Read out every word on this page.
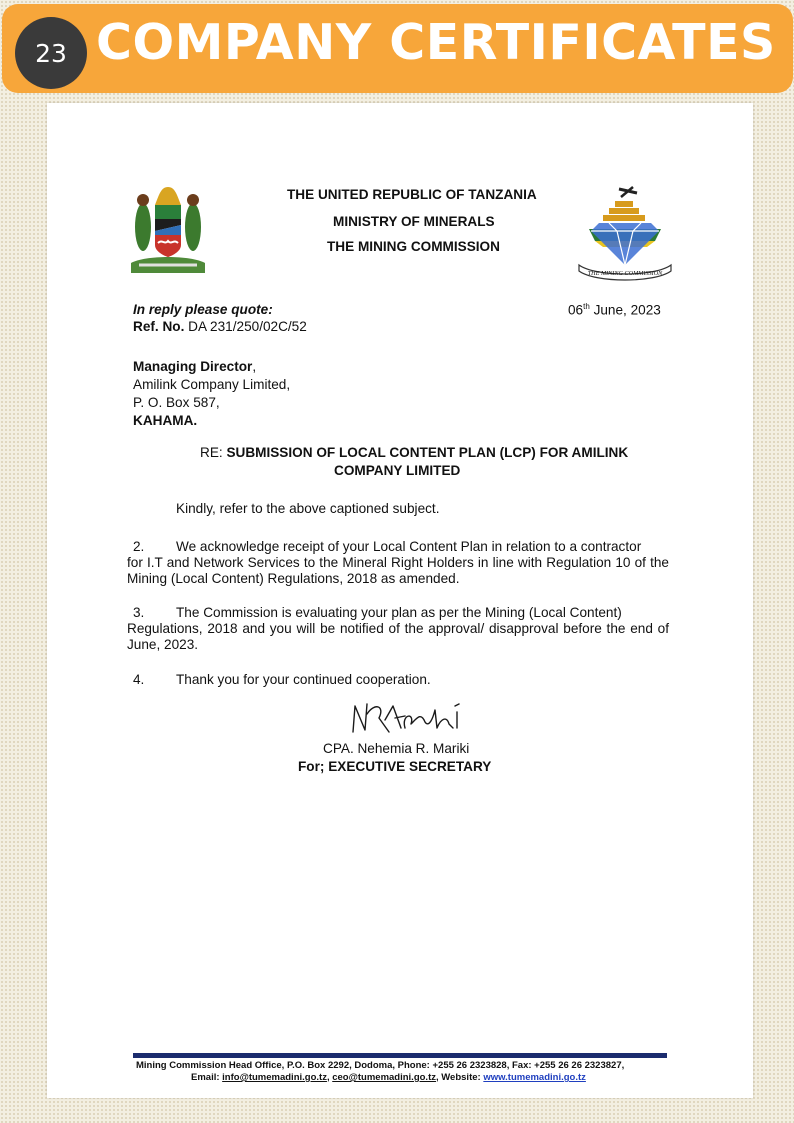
23 COMPANY CERTIFICATES
THE UNITED REPUBLIC OF TANZANIA
MINISTRY OF MINERALS
THE MINING COMMISSION
THE MINING COMMISSION
In reply please quote:
Ref. No. DA 231/250/02C/52
06th June, 2023
Managing Director,
Amilink Company Limited,
P. O. Box 587,
KAHAMA.
RE: SUBMISSION OF LOCAL CONTENT PLAN (LCP) FOR AMILINK
COMPANY LIMITED
Kindly, refer to the above captioned subject.
2. We acknowledge receipt of your Local Content Plan in relation to a contractor
for I.T and Network Services to the Mineral Right Holders in line with Regulation 10 of the Mining (Local Content) Regulations, 2018 as amended.
3. The Commission is evaluating your plan as per the Mining (Local Content)
Regulations, 2018 and you will be notified of the approval/ disapproval before the end of June, 2023.
4. Thank you for your continued cooperation.
CPA. Nehemia R. Mariki
For; EXECUTIVE SECRETARY
Mining Commission Head Office, P.O. Box 2292, Dodoma, Phone: +255 26 2323828, Fax: +255 26 26 2323827,
Email: info@tumemadini.go.tz, ceo@tumemadini.go.tz, Website: www.tumemadini.go.tz
